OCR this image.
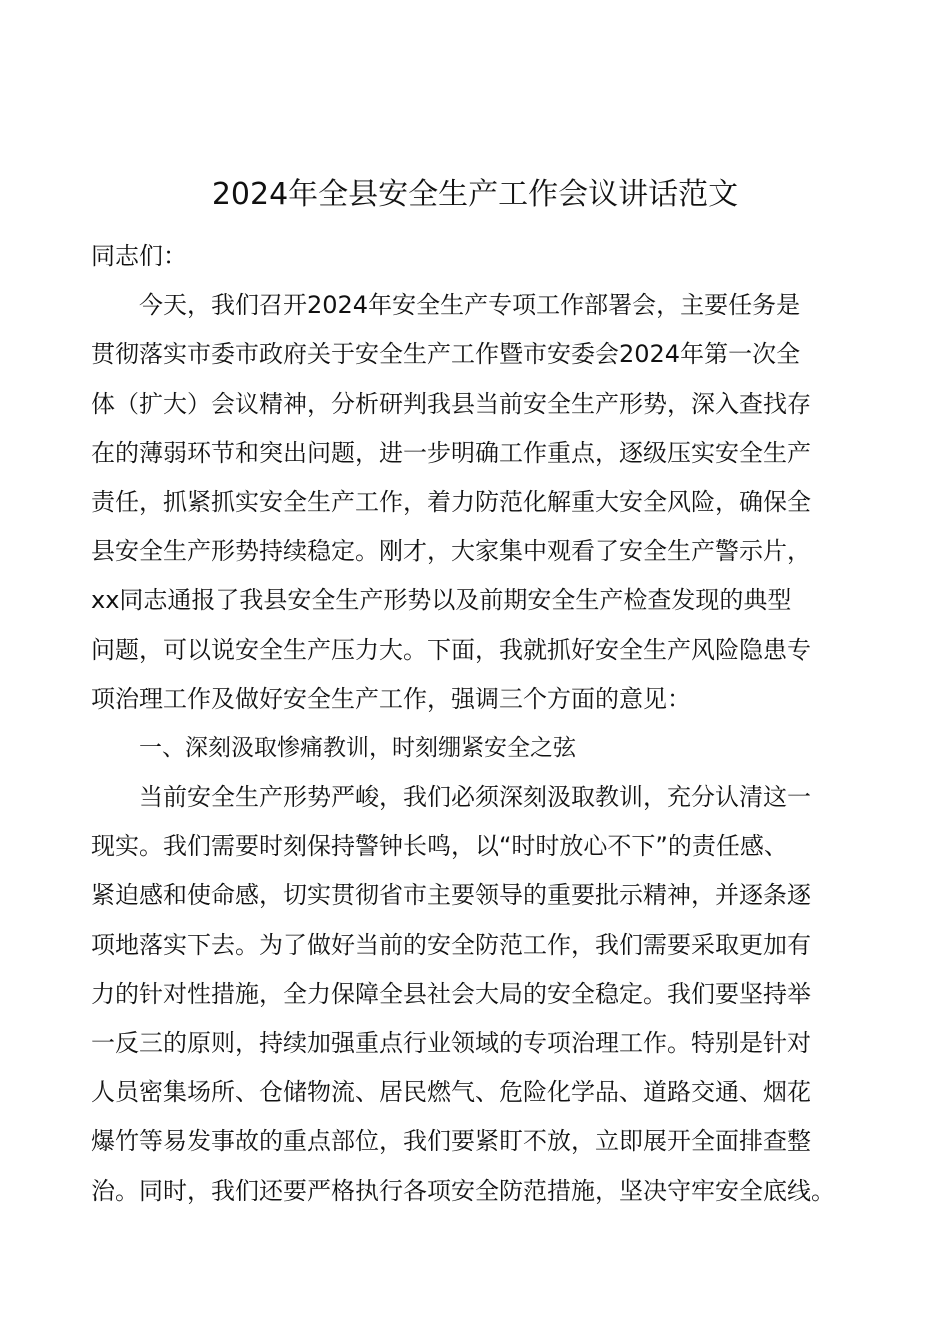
2024年全县安全生产工作会议讲话范文
同志们：
今天，我们召开2024年安全生产专项工作部署会，主要任务是
贯彻落实市委市政府关于安全生产工作暨市安委会2024年第一次全
体（扩大）会议精神，分析研判我县当前安全生产形势，深入查找存
在的薄弱环节和突出问题，进一步明确工作重点，逐级压实安全生产
责任，抓紧抓实安全生产工作，着力防范化解重大安全风险，确保全
县安全生产形势持续稳定。刚才，大家集中观看了安全生产警示片，
xx同志通报了我县安全生产形势以及前期安全生产检查发现的典型
问题，可以说安全生产压力大。下面，我就抓好安全生产风险隐患专
项治理工作及做好安全生产工作，强调三个方面的意见：
一、深刻汲取惨痛教训，时刻绷紧安全之弦
当前安全生产形势严峻，我们必须深刻汲取教训，充分认清这一
现实。我们需要时刻保持警钟长鸣，以“时时放心不下”的责任感、
紧迫感和使命感，切实贯彻省市主要领导的重要批示精神，并逐条逐
项地落实下去。为了做好当前的安全防范工作，我们需要采取更加有
力的针对性措施，全力保障全县社会大局的安全稳定。我们要坚持举
一反三的原则，持续加强重点行业领域的专项治理工作。特别是针对
人员密集场所、仓储物流、居民燃气、危险化学品、道路交通、烟花
爆竹等易发事故的重点部位，我们要紧盯不放，立即展开全面排查整
治。同时，我们还要严格执行各项安全防范措施，坚决守牢安全底线。
